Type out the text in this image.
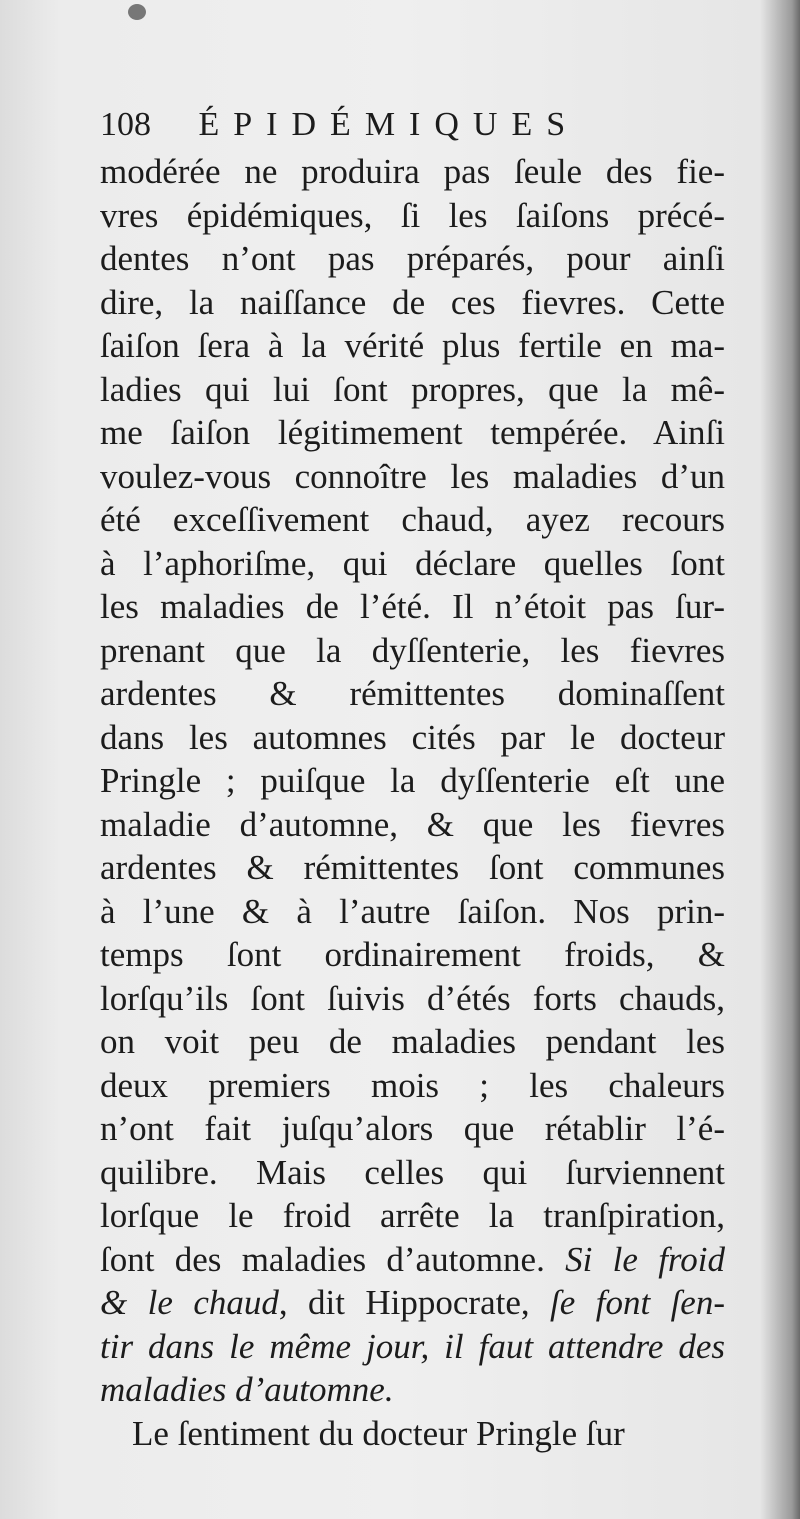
108 ÉPIDÉMIQUES
modérée ne produira pas ſeule des fie-
vres épidémiques, ſi les ſaiſons précé-
dentes n’ont pas préparés, pour ainſi
dire, la naiſſance de ces fievres. Cette
ſaiſon ſera à la vérité plus fertile en ma-
ladies qui lui ſont propres, que la mê-
me ſaiſon légitimement tempérée. Ainſi
voulez-vous connoître les maladies d’un
été exceſſivement chaud, ayez recours
à l’aphoriſme, qui déclare quelles ſont
les maladies de l’été. Il n’étoit pas ſur-
prenant que la dyſſenterie, les fievres
ardentes & rémittentes dominaſſent
dans les automnes cités par le docteur
Pringle ; puiſque la dyſſenterie eſt une
maladie d’automne, & que les fievres
ardentes & rémittentes ſont communes
à l’une & à l’autre ſaiſon. Nos prin-
temps ſont ordinairement froids, &
lorſqu’ils ſont ſuivis d’étés forts chauds,
on voit peu de maladies pendant les
deux premiers mois ; les chaleurs
n’ont fait juſqu’alors que rétablir l’é-
quilibre. Mais celles qui ſurviennent
lorſque le froid arrête la tranſpiration,
ſont des maladies d’automne. Si le froid
& le chaud, dit Hippocrate, ſe font ſen-
tir dans le même jour, il faut attendre des
maladies d’automne.
Le ſentiment du docteur Pringle ſur
